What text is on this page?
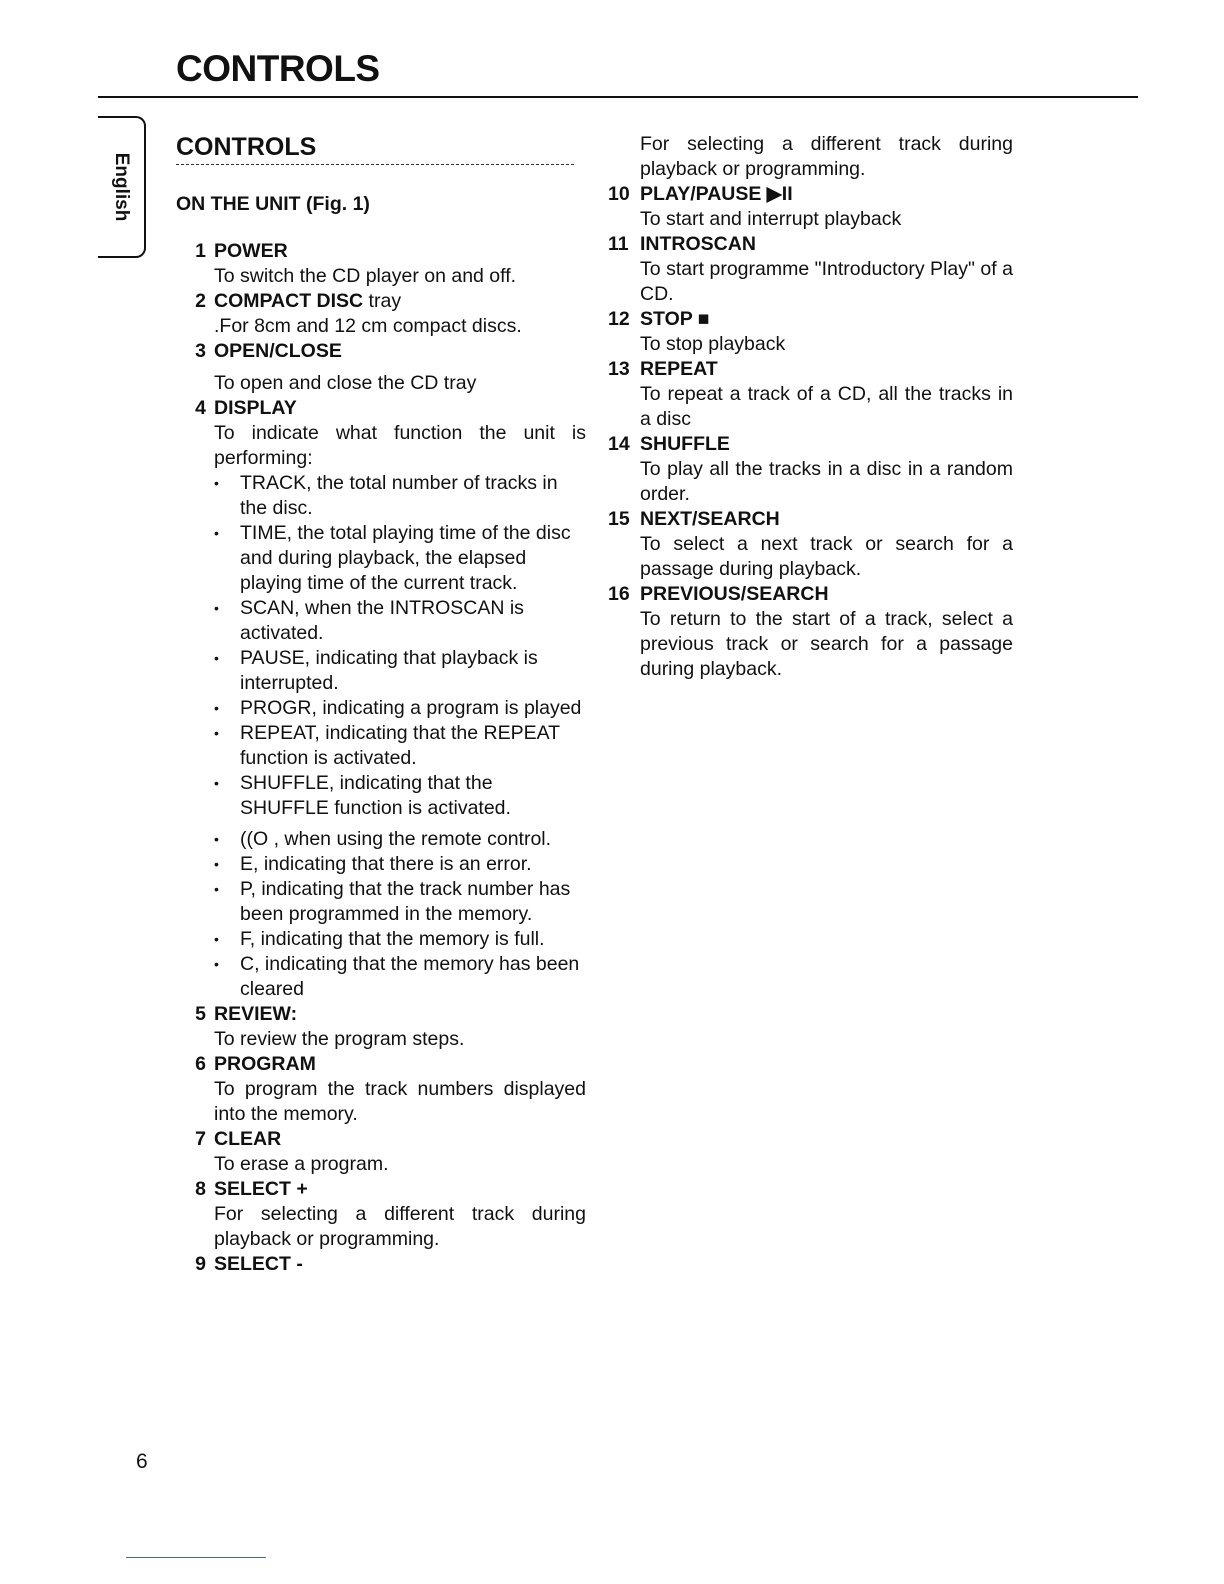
CONTROLS
English
CONTROLS
ON THE UNIT (Fig. 1)
1 POWER
To switch the CD player on and off.
2 COMPACT DISC tray
.For 8cm and 12 cm compact discs.
3 OPEN/CLOSE
To open and close the CD tray
4 DISPLAY
To indicate what function the unit is performing:
• TRACK, the total number of tracks in the disc.
• TIME, the total playing time of the disc and during playback, the elapsed playing time of the current track.
• SCAN, when the INTROSCAN is activated.
• PAUSE, indicating that playback is interrupted.
• PROGR, indicating a program is played
• REPEAT, indicating that the REPEAT function is activated.
• SHUFFLE, indicating that the SHUFFLE function is activated.
• ((O , when using the remote control.
• E, indicating that there is an error.
• P, indicating that the track number has been programmed in the memory.
• F, indicating that the memory is full.
• C, indicating that the memory has been cleared
5 REVIEW:
To review the program steps.
6 PROGRAM
To program the track numbers displayed into the memory.
7 CLEAR
To erase a program.
8 SELECT +
For selecting a different track during playback or programming.
9 SELECT -
For selecting a different track during playback or programming.
10 PLAY/PAUSE ▶II
To start and interrupt playback
11 INTROSCAN
To start programme "Introductory Play" of a CD.
12 STOP ■
To stop playback
13 REPEAT
To repeat a track of a CD, all the tracks in a disc
14 SHUFFLE
To play all the tracks in a disc in a random order.
15 NEXT/SEARCH
To select a next track or search for a passage during playback.
16 PREVIOUS/SEARCH
To return to the start of a track, select a previous track or search for a passage during playback.
6
